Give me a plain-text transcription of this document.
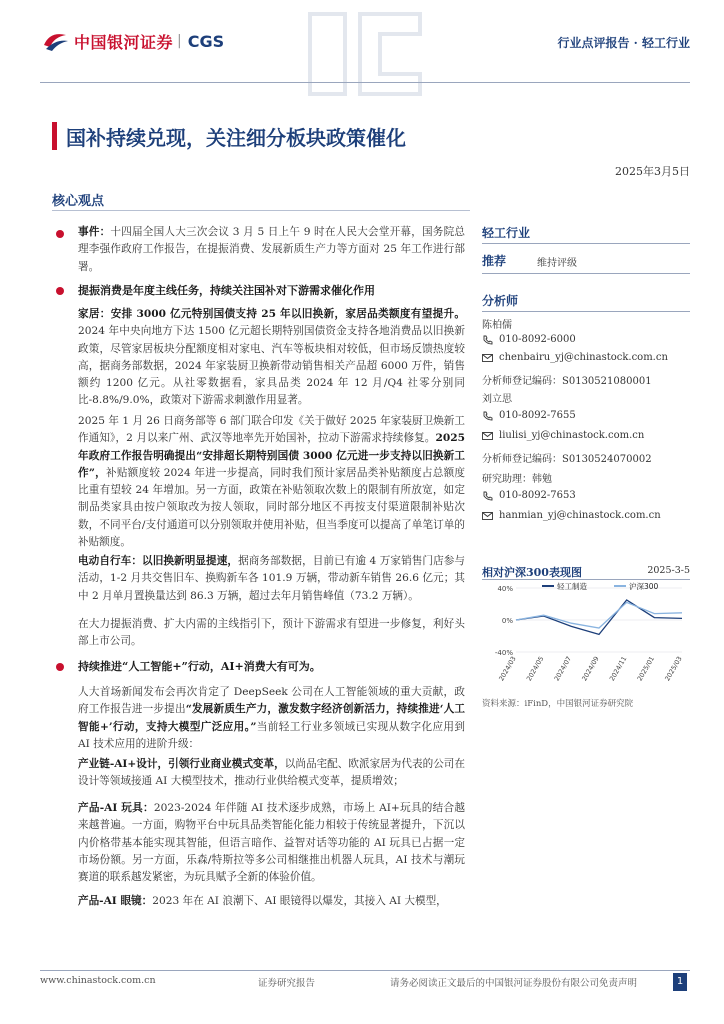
中国银河证券 | CGS	行业点评报告 · 轻工行业
国补持续兑现，关注细分板块政策催化
2025年3月5日
核心观点
事件：十四届全国人大三次会议 3 月 5 日上午 9 时在人民大会堂开幕，国务院总理李强作政府工作报告，在提振消费、发展新质生产力等方面对 25 年工作进行部署。
提振消费是年度主线任务，持续关注国补对下游需求催化作用
家居：安排 3000 亿元特别国债支持 25 年以旧换新，家居品类额度有望提升。2024 年中央向地方下达 1500 亿元超长期特别国债资金支持各地消费品以旧换新政策，尽管家居板块分配额度相对家电、汽车等板块相对较低，但市场反馈热度较高，据商务部数据，2024 年家装厨卫换新带动销售相关产品超 6000 万件，销售额约 1200 亿元。从社零数据看，家具品类 2024 年 12 月/Q4 社零分别同比-8.8%/9.0%，政策对下游需求刺激作用显著。
2025 年 1 月 26 日商务部等 6 部门联合印发《关于做好 2025 年家装厨卫焕新工作通知》，2 月以来广州、武汉等地率先开始国补，拉动下游需求持续修复。2025 年政府工作报告明确提出“安排超长期特别国债 3000 亿元进一步支持以旧换新工作”，补贴额度较 2024 年进一步提高，同时我们预计家居品类补贴额度占总额度比重有望较 24 年增加。另一方面，政策在补贴领取次数上的限制有所放宽，如定制品类家具由按户领取改为按人领取，同时部分地区不再按支付渠道限制补贴次数，不同平台/支付通道可以分别领取并使用补贴，但当季度可以提高了单笔订单的补贴额度。
电动自行车：以旧换新明显提速，据商务部数据，目前已有逾 4 万家销售门店参与活动，1-2 月共交售旧车、换购新车各 101.9 万辆，带动新车销售 26.6 亿元；其中 2 月单月置换量达到 86.3 万辆，超过去年月销售峰值（73.2 万辆）。
在大力提振消费、扩大内需的主线指引下，预计下游需求有望进一步修复，利好头部上市公司。
持续推进“人工智能+”行动，AI+消费大有可为。
人大首场新闻发布会再次肯定了 DeepSeek 公司在人工智能领域的重大贡献，政府工作报告进一步提出“发展新质生产力，激发数字经济创新活力，持续推进‘人工智能+’行动，支持大模型广泛应用。”当前轻工行业多领域已实现从数字化应用到 AI 技术应用的进阶升级：
产业链-AI+设计，引领行业商业模式变革，以尚品宅配、欧派家居为代表的公司在设计等领域接通 AI 大模型技术，推动行业供给模式变革，提质增效；
产品-AI 玩具：2023-2024 年伴随 AI 技术逐步成熟，市场上 AI+玩具的结合越来越普遍。一方面，购物平台中玩具品类智能化能力相较于传统显著提升，下沉以内价格带基本能实现其智能，但语言暗作、益智对话等功能的 AI 玩具已占据一定市场份额。另一方面，乐森/特斯拉等多公司相继推出机器人玩具，AI 技术与潮玩赛道的联系越发紧密，为玩具赋予全新的体验价值。
产品-AI 眼镜：2023 年在 AI 浪潮下、AI 眼镜得以爆发，其接入 AI 大模型，
轻工行业
推荐	维持评级
分析师
陈柏儒
010-8092-6000
chenbairu_yj@chinastock.com.cn
分析师登记编码：S0130521080001
刘立思
010-8092-7655
liulisi_yj@chinastock.com.cn
分析师登记编码：S0130524070002
研究助理：韩勉
010-8092-7653
hanmian_yj@chinastock.com.cn
相对沪深300表现图	2025-3-5
40%
0%
-40%
2024/03 2024/05 2024/07 2024/09 2024/11 2025/01 2025/03
轻工制造	沪深300
资料来源：iFinD，中国银河证券研究院
www.chinastock.com.cn	证券研究报告	请务必阅读正文最后的中国银河证券股份有限公司免责声明	1
